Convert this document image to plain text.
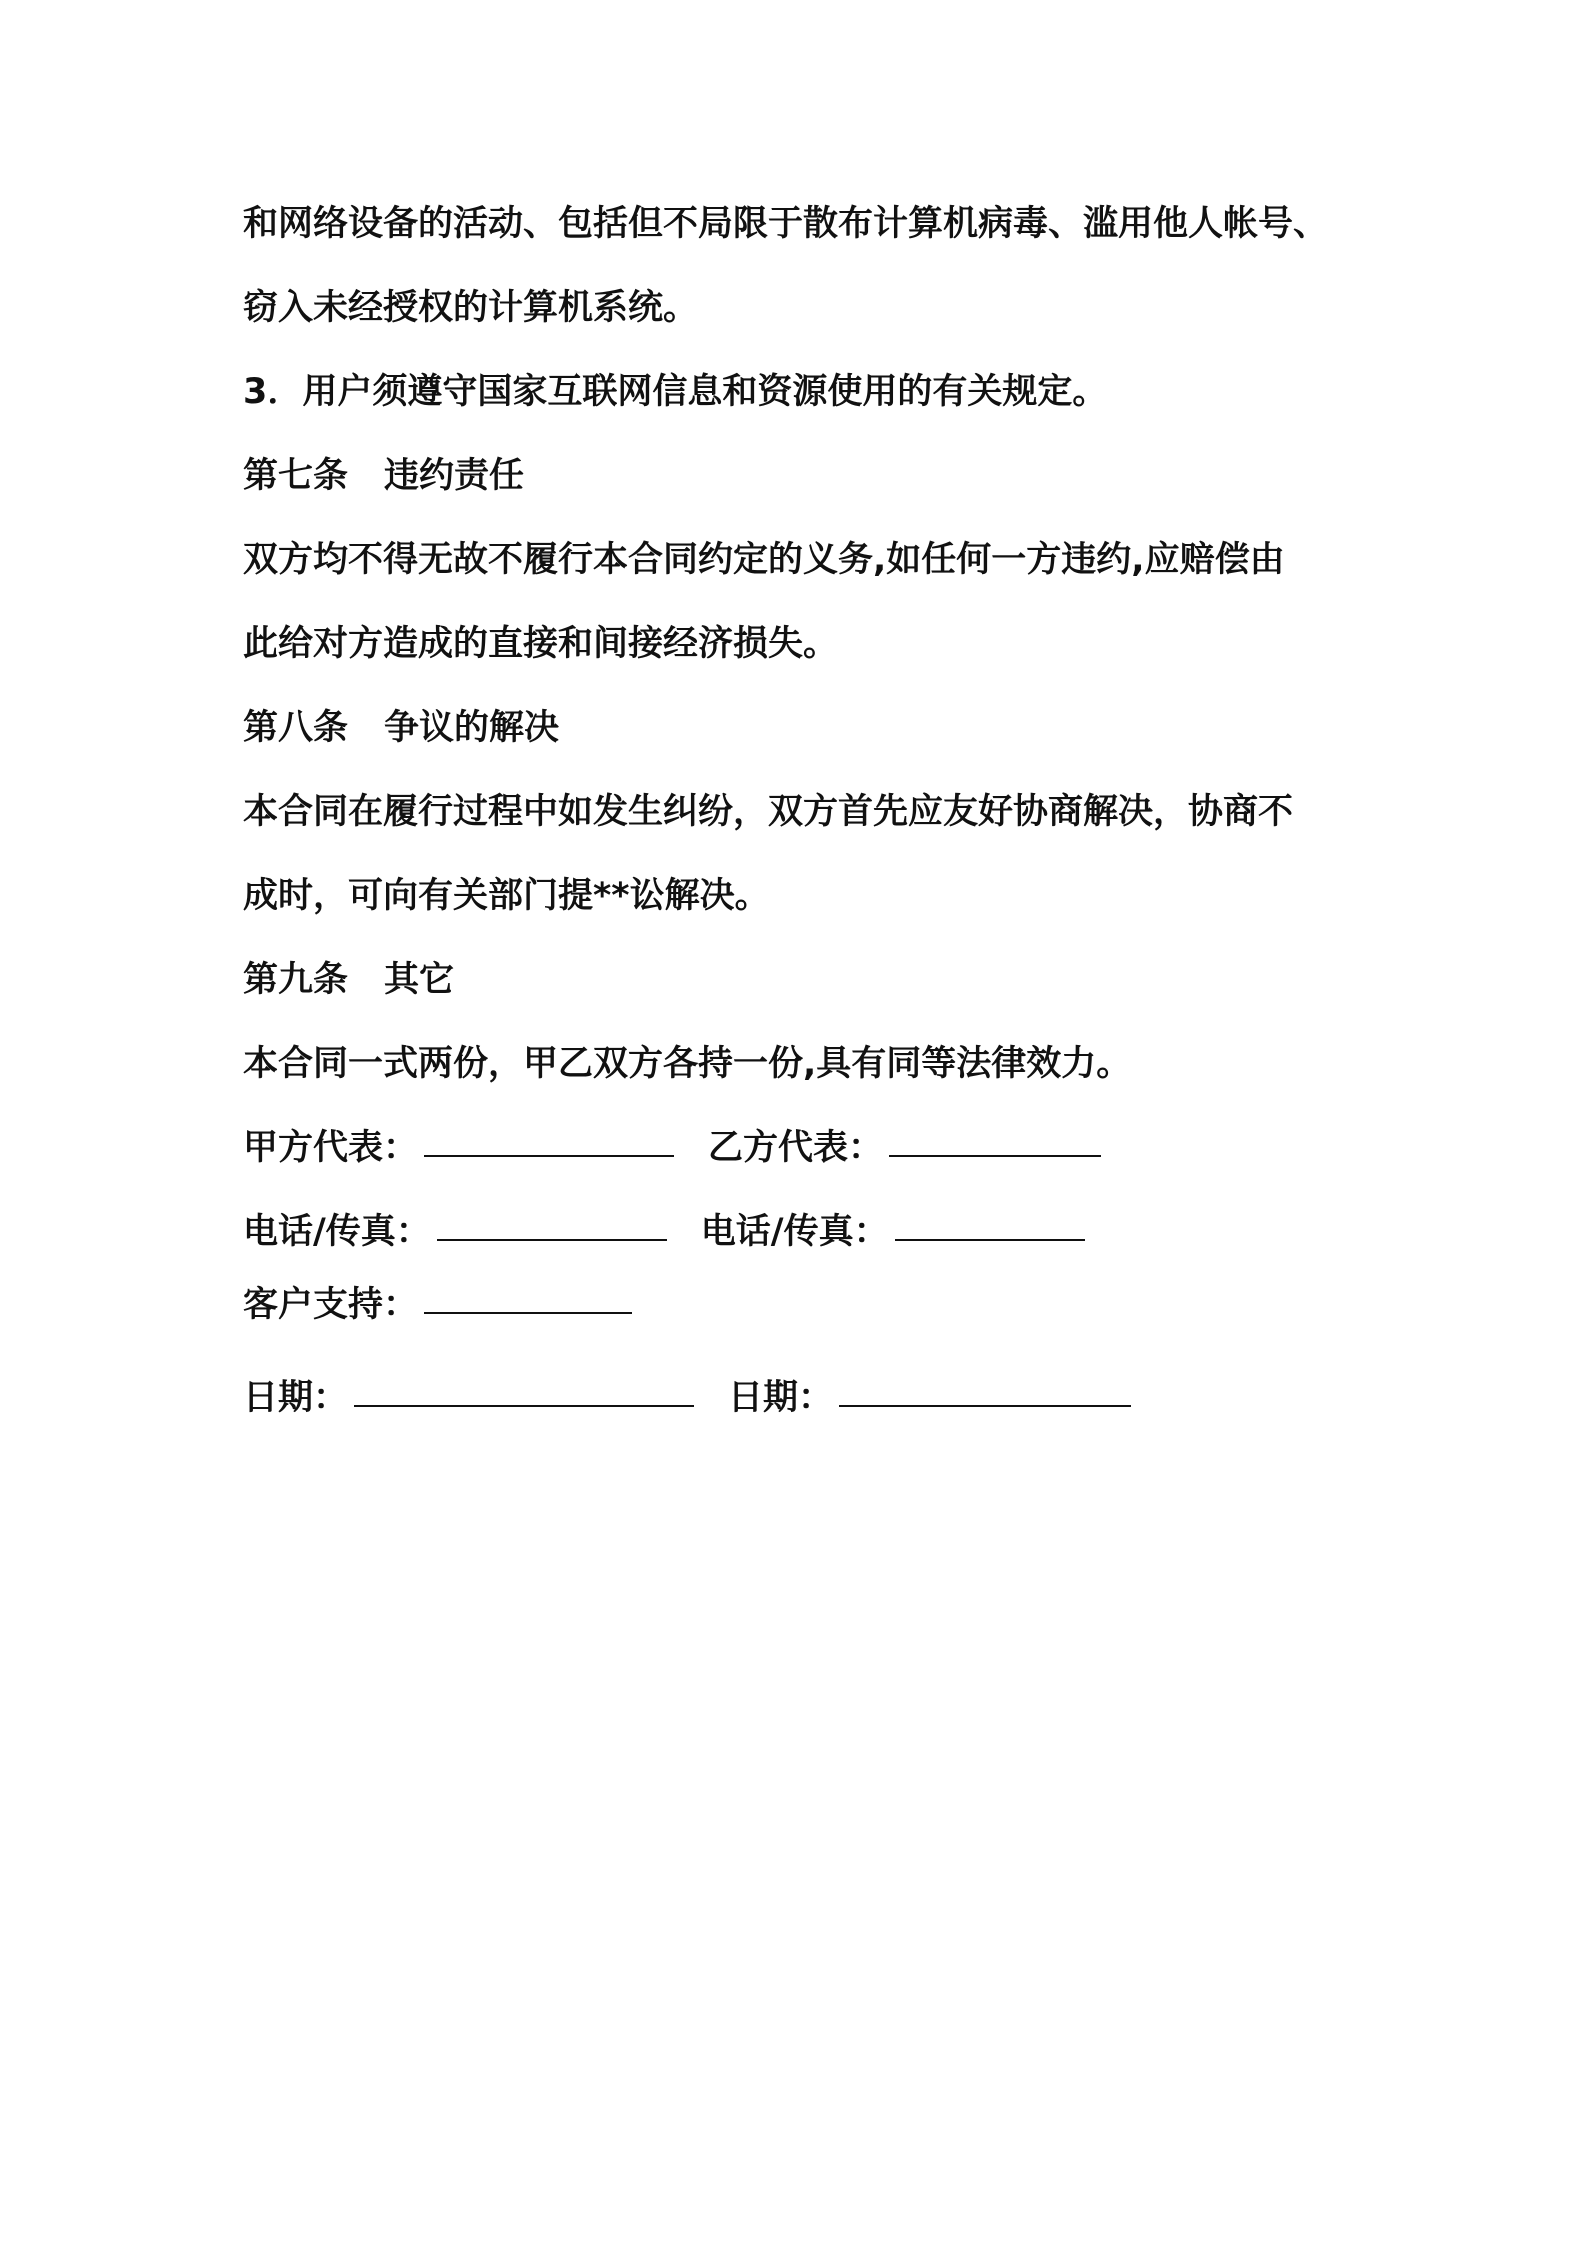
和网络设备的活动、包括但不局限于散布计算机病毒、滥用他人帐号、

窃入未经授权的计算机系统。

3．用户须遵守国家互联网信息和资源使用的有关规定。

第七条 违约责任

双方均不得无故不履行本合同约定的义务,如任何一方违约,应赔偿由

此给对方造成的直接和间接经济损失。

第八条 争议的解决

本合同在履行过程中如发生纠纷，双方首先应友好协商解决，协商不

成时，可向有关部门提**讼解决。

第九条 其它

本合同一式两份，甲乙双方各持一份,具有同等法律效力。

甲方代表：	乙方代表：
电话/传真：	电话/传真：
客户支持：
日期：	日期：
